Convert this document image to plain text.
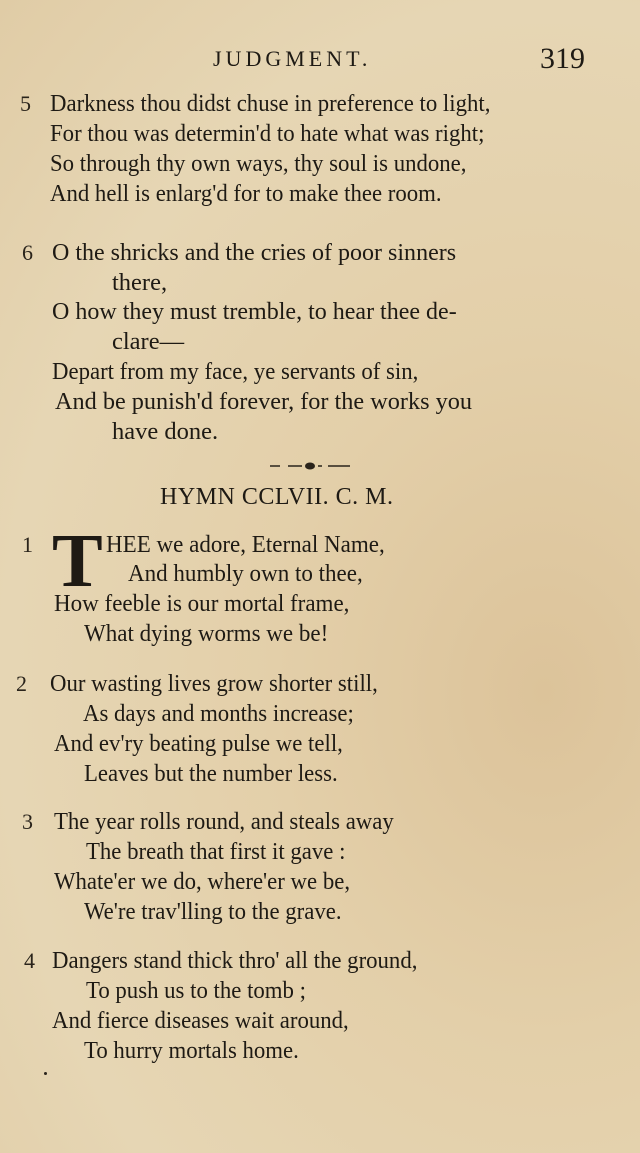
JUDGMENT.	319
5 Darkness thou didst chuse in preference to light,
For thou was determin'd to hate what was right;
So through thy own ways, thy soul is undone,
And hell is enlarg'd for to make thee room.
6 O the shricks and the cries of poor sinners
there,
O how they must tremble, to hear thee de-
clare—
Depart from my face, ye servants of sin,
And be punish'd forever, for the works you
have done.
HYMN CCLVII. C. M.
1 T HEE we adore, Eternal Name,
And humbly own to thee,
How feeble is our mortal frame,
What dying worms we be!
2 Our wasting lives grow shorter still,
As days and months increase;
And ev'ry beating pulse we tell,
Leaves but the number less.
3 The year rolls round, and steals away
The breath that first it gave :
Whate'er we do, where'er we be,
We're trav'lling to the grave.
4 Dangers stand thick thro' all the ground,
To push us to the tomb ;
And fierce diseases wait around,
To hurry mortals home.
